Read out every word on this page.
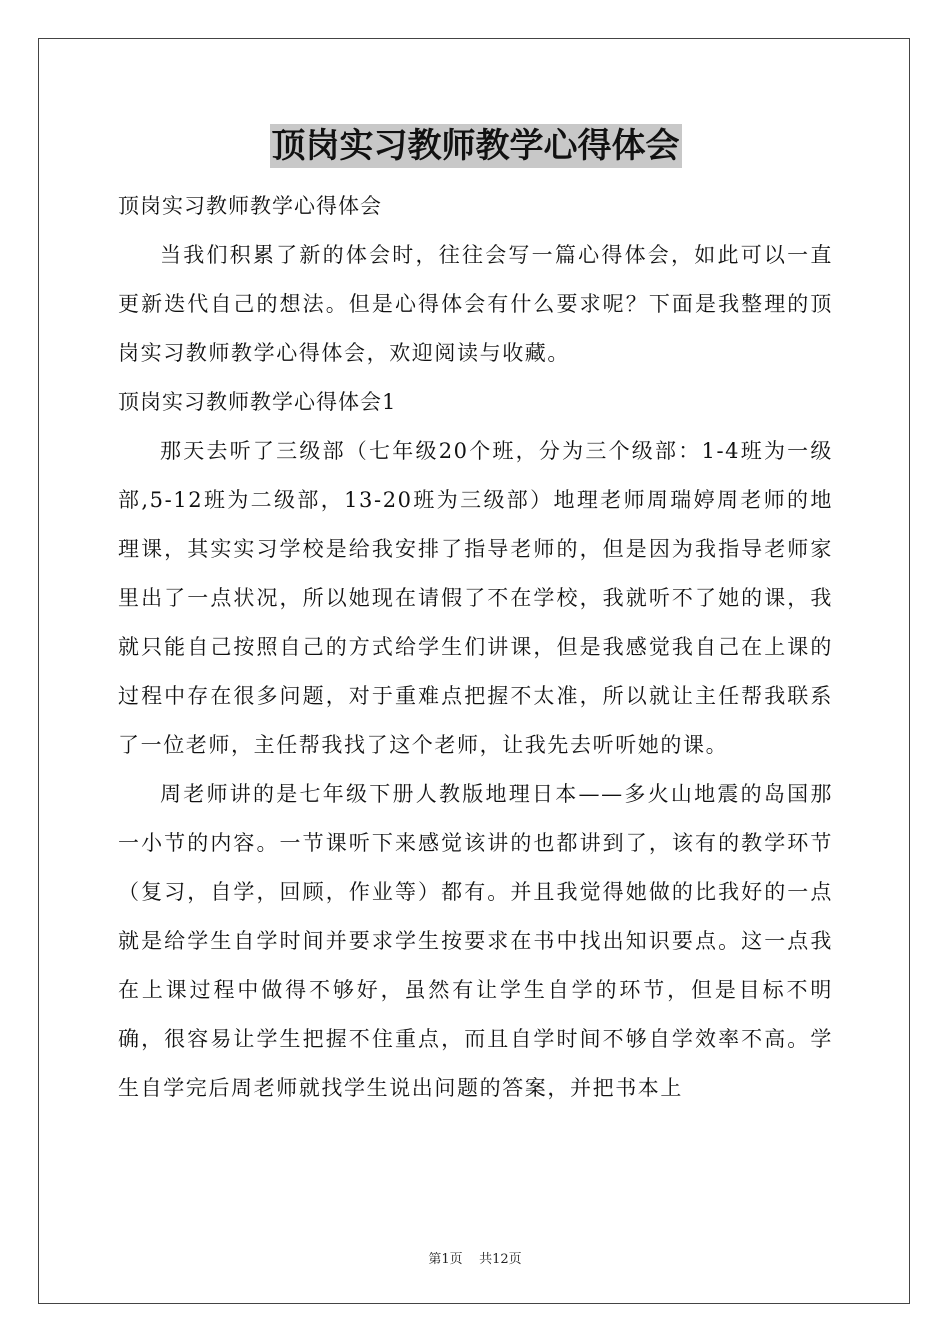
顶岗实习教师教学心得体会

顶岗实习教师教学心得体会

当我们积累了新的体会时，往往会写一篇心得体会，如此可以一直更新迭代自己的想法。但是心得体会有什么要求呢？下面是我整理的顶岗实习教师教学心得体会，欢迎阅读与收藏。

顶岗实习教师教学心得体会1

那天去听了三级部（七年级20个班，分为三个级部：1-4班为一级部,5-12班为二级部，13-20班为三级部）地理老师周瑞婷周老师的地理课，其实实习学校是给我安排了指导老师的，但是因为我指导老师家里出了一点状况，所以她现在请假了不在学校，我就听不了她的课，我就只能自己按照自己的方式给学生们讲课，但是我感觉我自己在上课的过程中存在很多问题，对于重难点把握不太准，所以就让主任帮我联系了一位老师，主任帮我找了这个老师，让我先去听听她的课。

周老师讲的是七年级下册人教版地理日本——多火山地震的岛国那一小节的内容。一节课听下来感觉该讲的也都讲到了，该有的教学环节（复习，自学，回顾，作业等）都有。并且我觉得她做的比我好的一点就是给学生自学时间并要求学生按要求在书中找出知识要点。这一点我在上课过程中做得不够好，虽然有让学生自学的环节，但是目标不明确，很容易让学生把握不住重点，而且自学时间不够自学效率不高。学生自学完后周老师就找学生说出问题的答案，并把书本上

第1页 共12页
